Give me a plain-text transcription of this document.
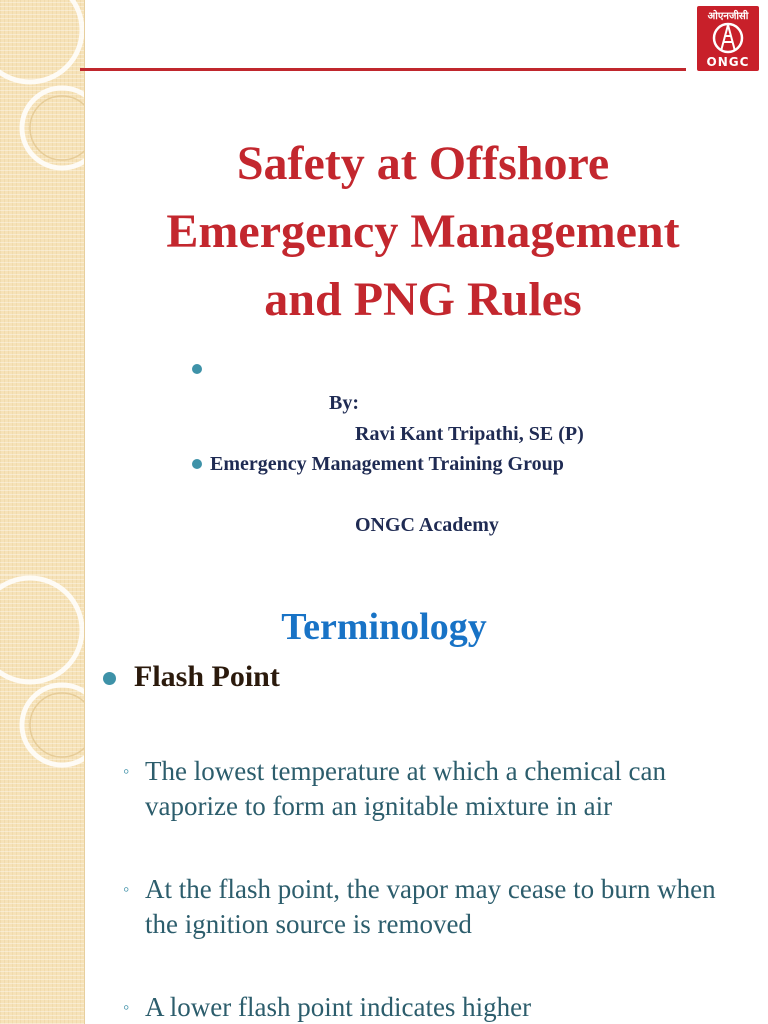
ओएनजीसी
ONGC
Safety at Offshore
Emergency Management
and PNG Rules
By:
Ravi Kant Tripathi, SE (P)
Emergency Management Training Group
ONGC Academy
Terminology
Flash Point
◦ The lowest temperature at which a chemical can vaporize to form an ignitable mixture in air

◦ At the flash point, the vapor may cease to burn when the ignition source is removed

◦ A lower flash point indicates higher
